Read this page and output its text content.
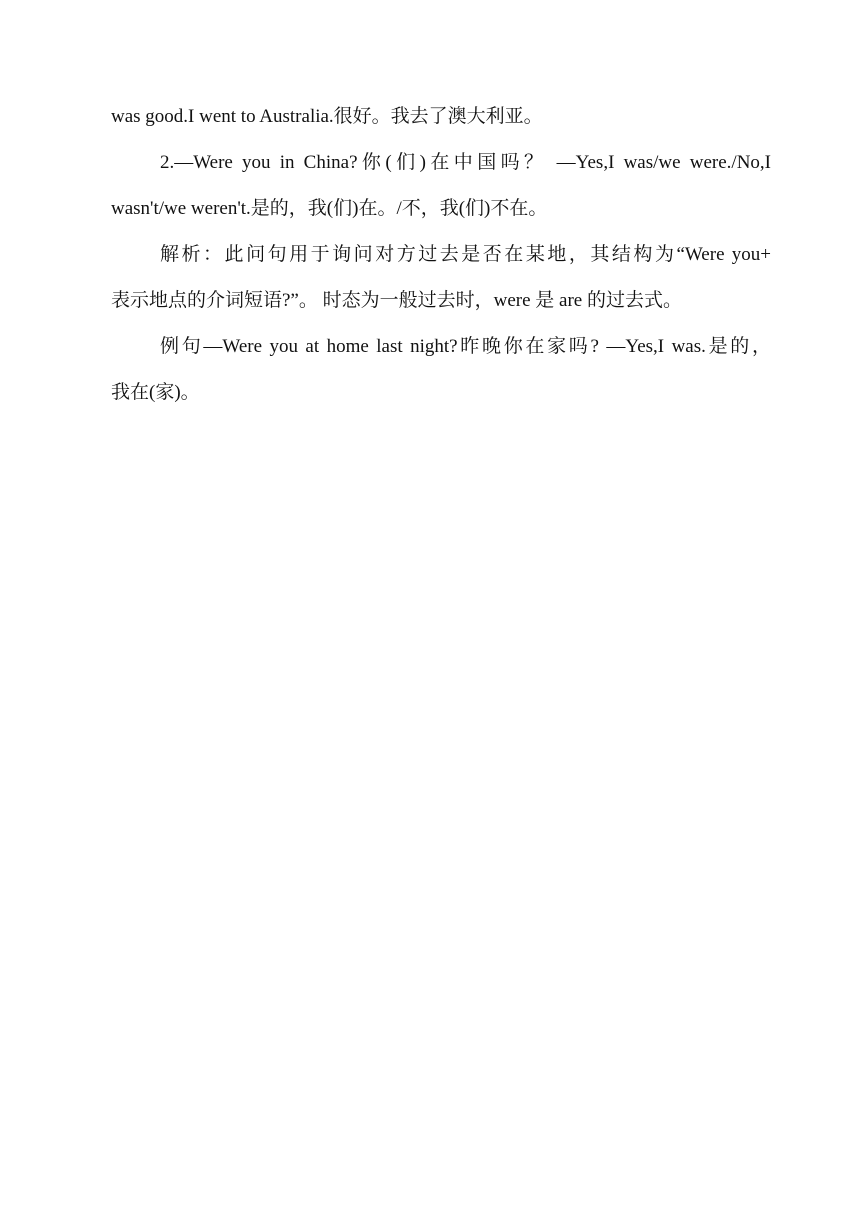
was good.I went to Australia.很好。我去了澳大利亚。
2.—Were you in China?你(们)在中国吗？ —Yes,I was/we were./No,I
wasn't/we weren't.是的，我(们)在。/不，我(们)不在。
解析：此问句用于询问对方过去是否在某地，其结构为“Were you+
表示地点的介词短语?”。 时态为一般过去时，were 是 are 的过去式。
例句—Were you at home last night?昨晚你在家吗? —Yes,I was.是的，
我在(家)。
